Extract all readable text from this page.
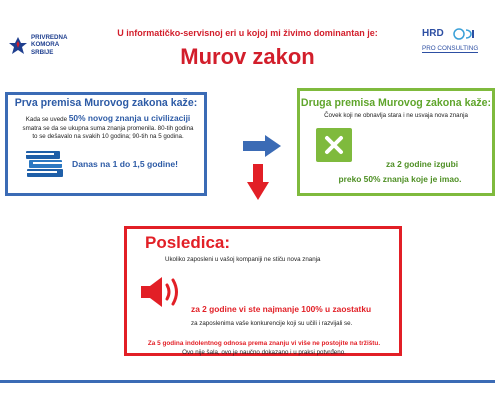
PRIVREDNA
KOMORA
SRBIJE
U informatičko-servisnoj eri u kojoj mi živimo dominantan je:
Murov zakon
HRD
PRO CONSULTING
Prva premisa Murovog zakona kaže:
Kada se uvede 50% novog znanja u civilizaciji
smatra se da se ukupna suma znanja promenila. 80-tih godina
to se dešavalo na svakih 10 godina; 90-tih na 5 godina.
Danas na 1 do 1,5 godine!
Druga premisa Murovog zakona kaže:
Čovek koji ne obnavlja stara i ne usvaja nova znanja
za 2 godine izgubi
preko 50% znanja koje je imao.
Posledica:
Ukoliko zaposleni u vašoj kompaniji ne stiču nova znanja
za 2 godine vi ste najmanje 100% u zaostatku
za zaposlenima vaše konkurencije koji su učili i razvijali se.
Za 5 godina indolentnog odnosa prema znanju vi više ne postojite na tržištu.
Ovo nije šala, ovo je naučno dokazano i u praksi potvrđeno.
